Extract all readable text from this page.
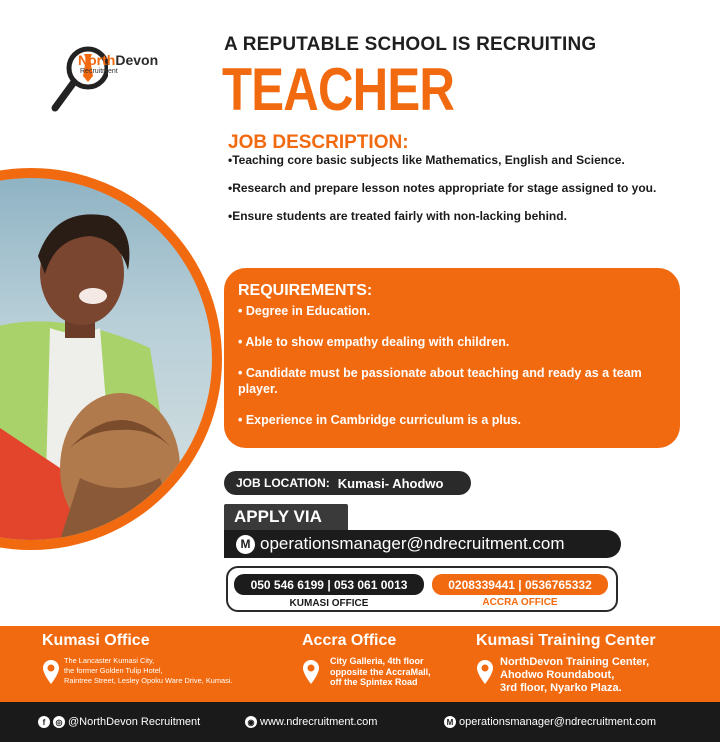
NorthDevon
Recruitment
A REPUTABLE SCHOOL IS RECRUITING
TEACHER
JOB DESCRIPTION:
•Teaching core basic subjects like Mathematics, English and Science.
•Research and prepare lesson notes appropriate for stage assigned to you.
•Ensure students are treated fairly with non-lacking behind.
REQUIREMENTS:
• Degree in Education.
• Able to show empathy dealing with children.
• Candidate must be passionate about teaching and ready as a team player.
• Experience in Cambridge curriculum is a plus.
JOB LOCATION: Kumasi- Ahodwo
APPLY VIA
M operationsmanager@ndrecruitment.com
050 546 6199 | 053 061 0013	0208339441 | 0536765332
KUMASI OFFICE	ACCRA OFFICE
Kumasi Office
The Lancaster Kumasi City,
the former Golden Tulip Hotel,
Raintree Street, Lesley Opoku Ware Drive, Kumasi.
Accra Office
City Galleria, 4th floor
opposite the AccraMall,
off the Spintex Road
Kumasi Training Center
NorthDevon Training Center,
Ahodwo Roundabout,
3rd floor, Nyarko Plaza.
f	◎ @NorthDevon Recruitment	◉ www.ndrecruitment.com	M operationsmanager@ndrecruitment.com
